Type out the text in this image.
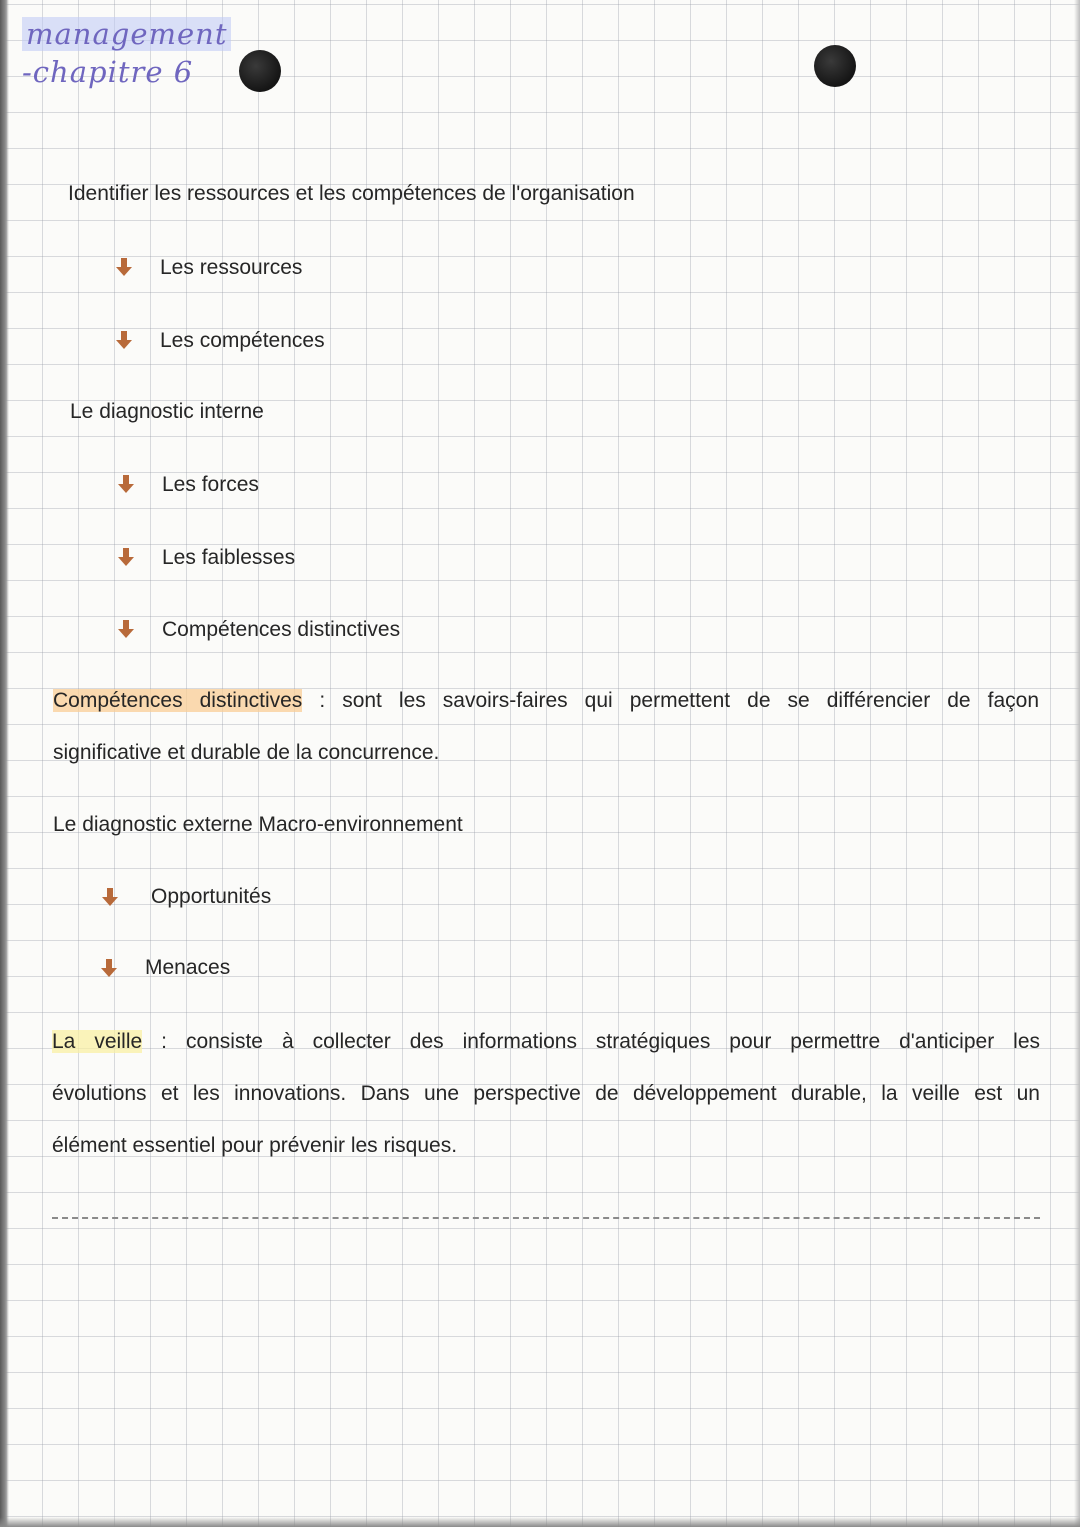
management
-chapitre 6
Identifier les ressources et les compétences de l'organisation
Les ressources
Les compétences
Le diagnostic interne
Les forces
Les faiblesses
Compétences distinctives
Compétences distinctives : sont les savoirs-faires qui permettent de se différencier de façon
significative et durable de la concurrence.
Le diagnostic externe Macro-environnement
Opportunités
Menaces
La veille : consiste à collecter des informations stratégiques pour permettre d'anticiper les
évolutions et les innovations. Dans une perspective de développement durable, la veille est un
élément essentiel pour prévenir les risques.
